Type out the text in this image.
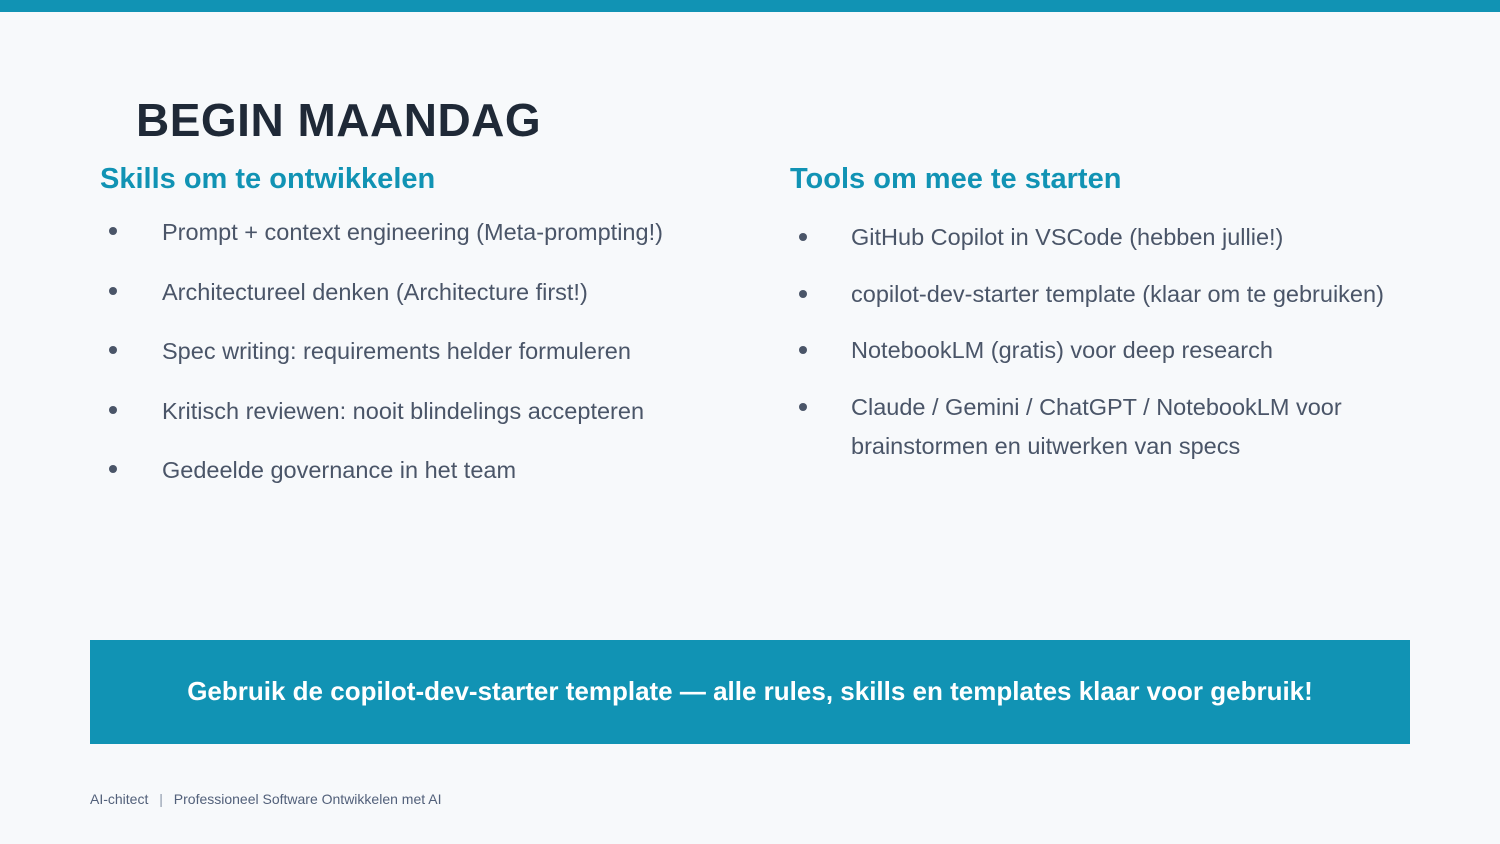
BEGIN MAANDAG
Skills om te ontwikkelen
Prompt + context engineering (Meta-prompting!)
Architectureel denken (Architecture first!)
Spec writing: requirements helder formuleren
Kritisch reviewen: nooit blindelings accepteren
Gedeelde governance in het team
Tools om mee te starten
GitHub Copilot in VSCode (hebben jullie!)
copilot-dev-starter template (klaar om te gebruiken)
NotebookLM (gratis) voor deep research
Claude / Gemini / ChatGPT / NotebookLM voor brainstormen en uitwerken van specs
Gebruik de copilot-dev-starter template — alle rules, skills en templates klaar voor gebruik!
AI-chitect | Professioneel Software Ontwikkelen met AI
